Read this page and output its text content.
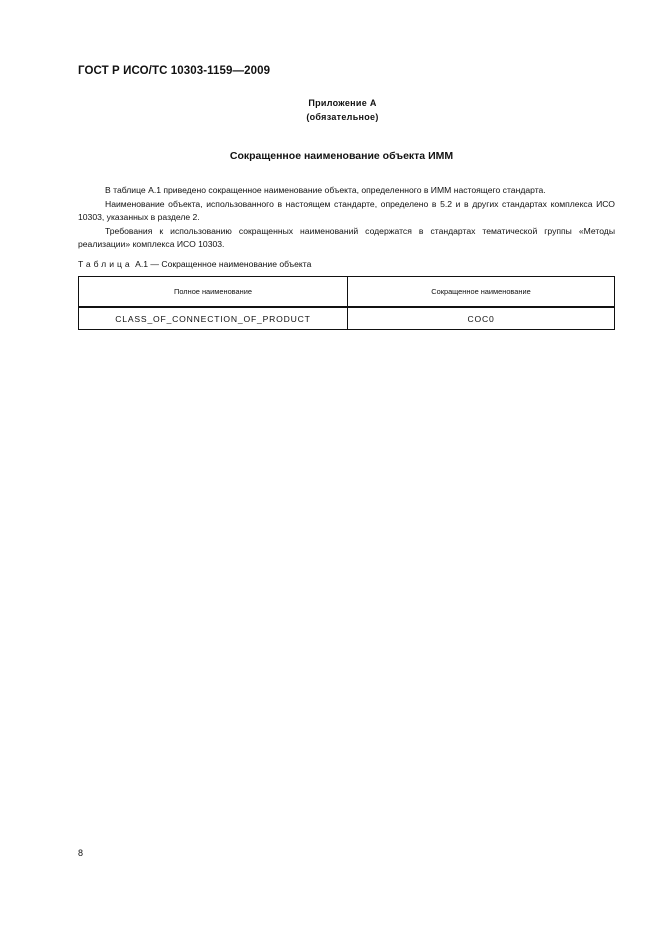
ГОСТ Р ИСО/ТС 10303-1159—2009
Приложение А
(обязательное)
Сокращенное наименование объекта ИММ

В таблице А.1 приведено сокращенное наименование объекта, определенного в ИММ настоящего стандарта.

Наименование объекта, использованного в настоящем стандарте, определено в 5.2 и в других стандартах комплекса ИСО 10303, указанных в разделе 2.

Требования к использованию сокращенных наименований содержатся в стандартах тематической группы «Методы реализации» комплекса ИСО 10303.

Таблица А.1 — Сокращенное наименование объекта
Полное наименование	Сокращенное наименование
CLASS_OF_CONNECTION_OF_PRODUCT	COC0
8
